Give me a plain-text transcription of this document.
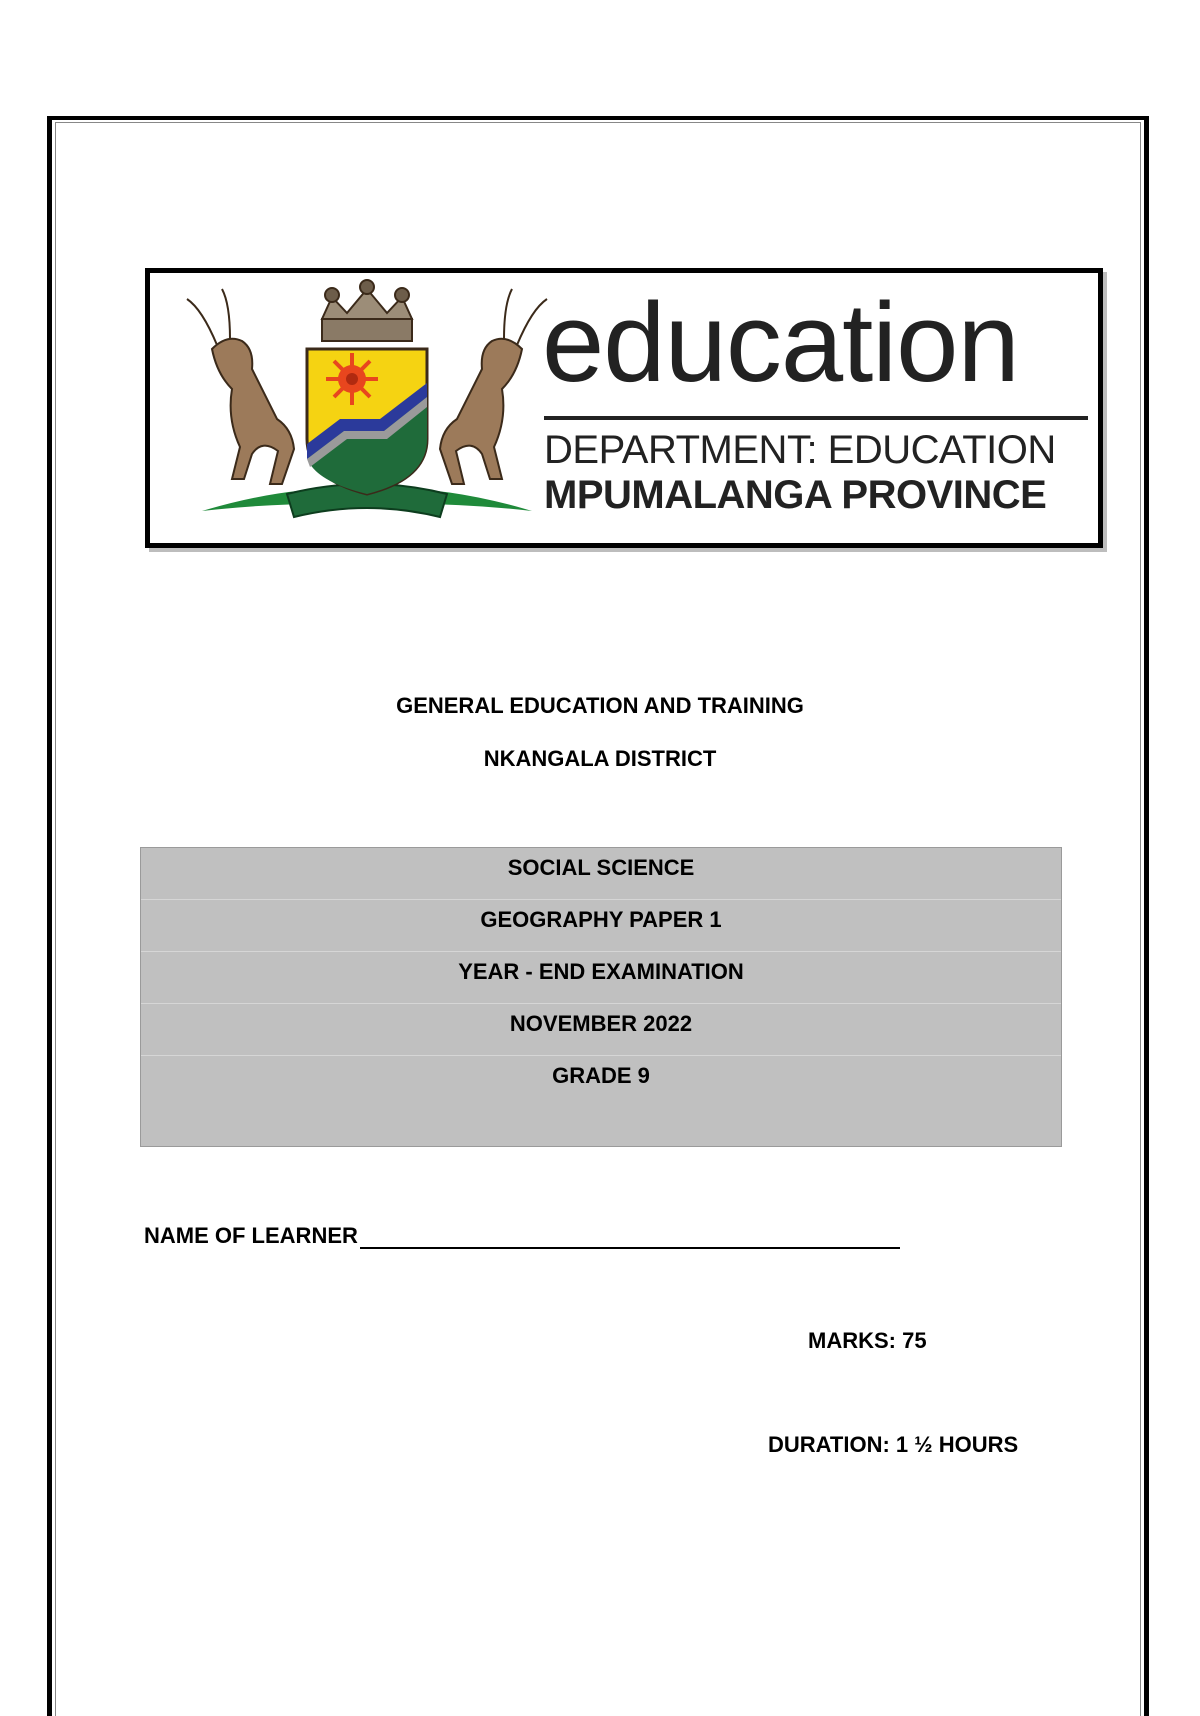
education
DEPARTMENT: EDUCATION
MPUMALANGA PROVINCE
GENERAL EDUCATION AND TRAINING
NKANGALA DISTRICT
SOCIAL SCIENCE
GEOGRAPHY PAPER 1
YEAR - END EXAMINATION
NOVEMBER 2022
GRADE 9
NAME OF LEARNER
MARKS: 75
DURATION: 1 ½ HOURS
